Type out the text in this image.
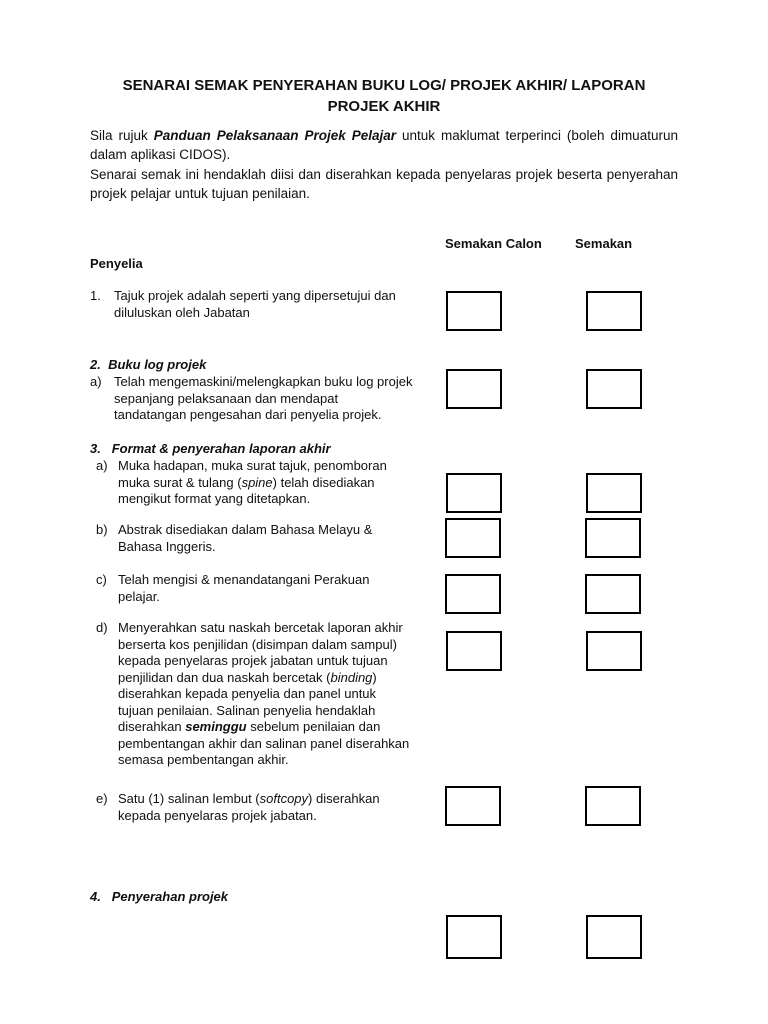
SENARAI SEMAK PENYERAHAN BUKU LOG/ PROJEK AKHIR/ LAPORAN
PROJEK AKHIR

Sila rujuk Panduan Pelaksanaan Projek Pelajar untuk maklumat terperinci (boleh dimuaturun dalam aplikasi CIDOS).

Senarai semak ini hendaklah diisi dan diserahkan kepada penyelaras projek beserta penyerahan projek pelajar untuk tujuan penilaian.

Semakan Calon	Semakan
Penyelia
1. Tajuk projek adalah seperti yang dipersetujui dan
diluluskan oleh Jabatan
2. Buku log projek
a) Telah mengemaskini/melengkapkan buku log projek
sepanjang pelaksanaan dan mendapat
tandatangan pengesahan dari penyelia projek.
3. Format & penyerahan laporan akhir
a) Muka hadapan, muka surat tajuk, penomboran
muka surat & tulang (spine) telah disediakan
mengikut format yang ditetapkan.
b) Abstrak disediakan dalam Bahasa Melayu &
Bahasa Inggeris.
c) Telah mengisi & menandatangani Perakuan
pelajar.
d) Menyerahkan satu naskah bercetak laporan akhir
berserta kos penjilidan (disimpan dalam sampul)
kepada penyelaras projek jabatan untuk tujuan
penjilidan dan dua naskah bercetak (binding)
diserahkan kepada penyelia dan panel untuk
tujuan penilaian. Salinan penyelia hendaklah
diserahkan seminggu sebelum penilaian dan
pembentangan akhir dan salinan panel diserahkan
semasa pembentangan akhir.
e) Satu (1) salinan lembut (softcopy) diserahkan
kepada penyelaras projek jabatan.
4. Penyerahan projek
